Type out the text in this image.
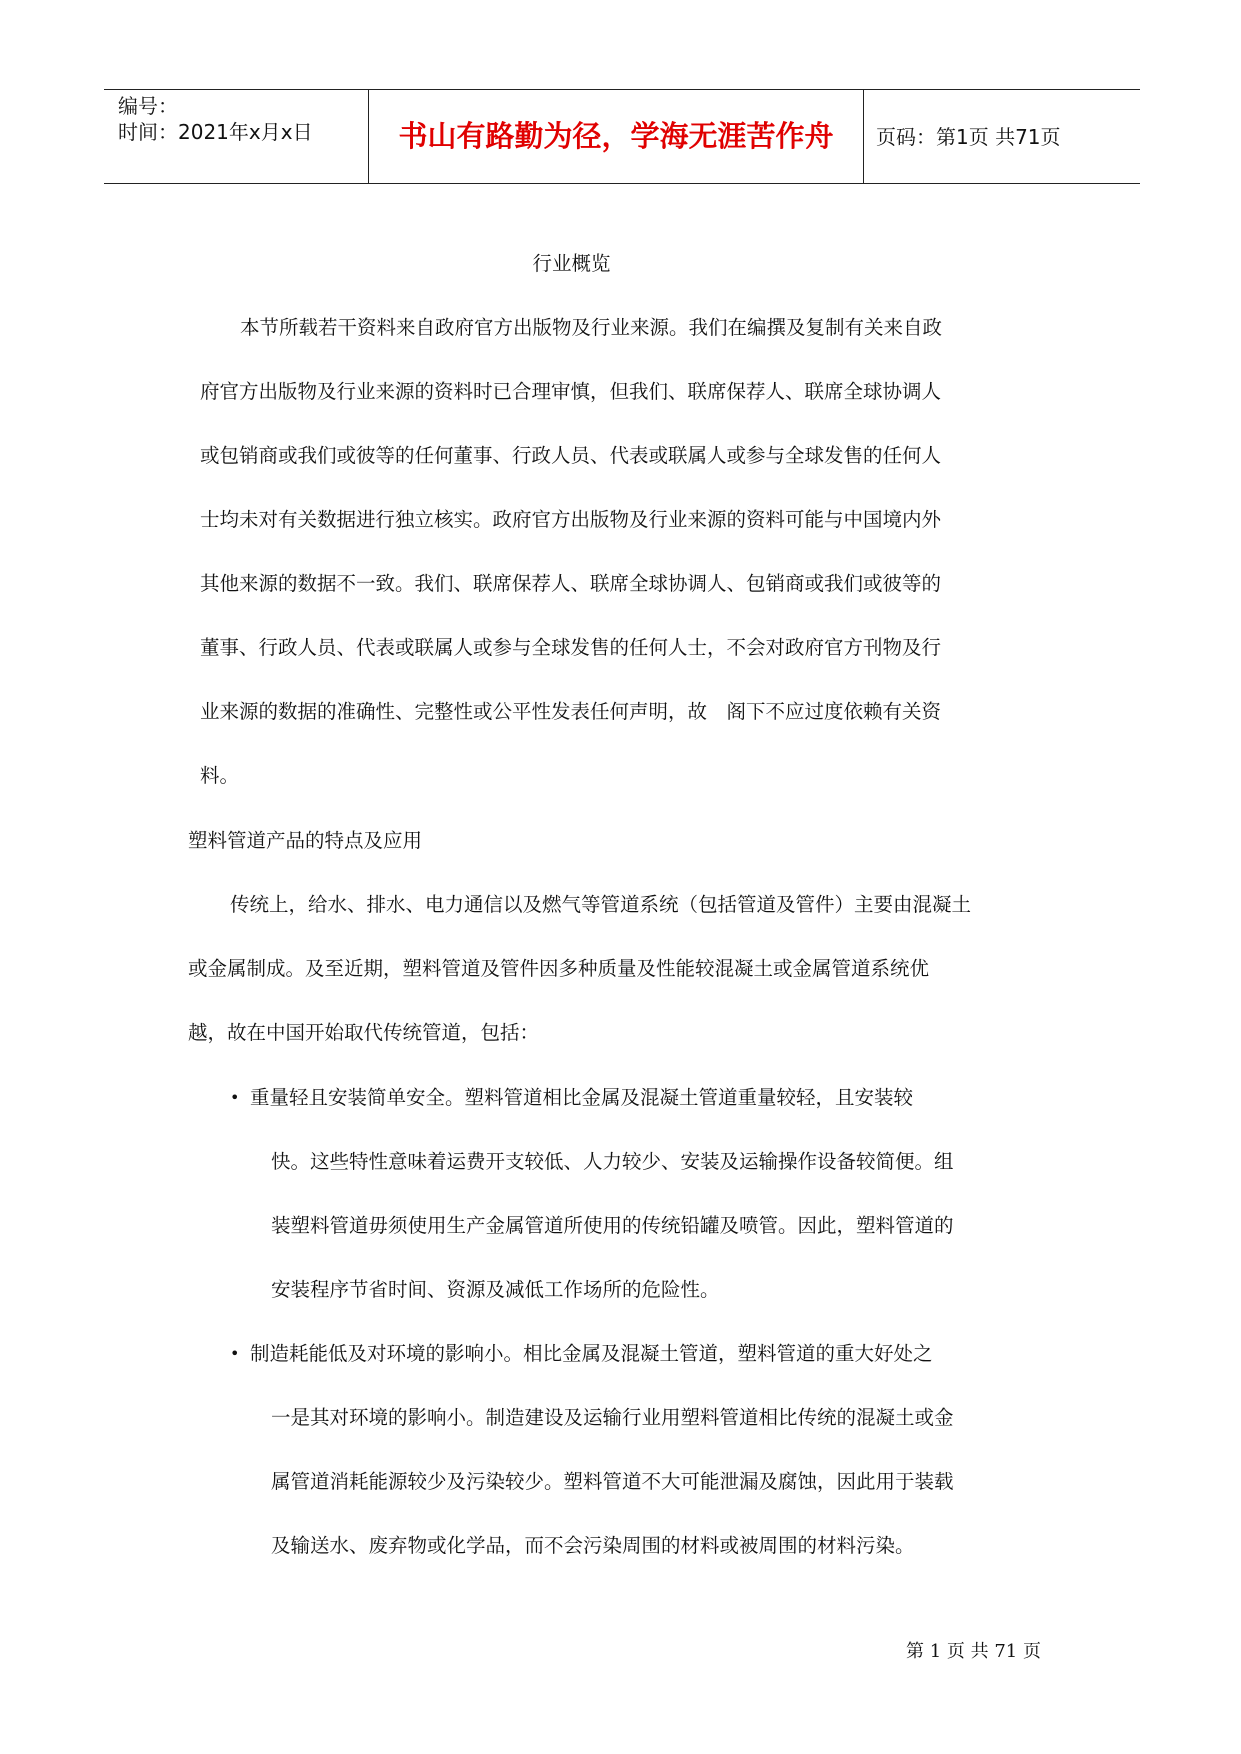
编号：
时间：2021年x月x日	书山有路勤为径，学海无涯苦作舟	页码：第1页 共71页
行业概览
本节所载若干资料来自政府官方出版物及行业来源。我们在编撰及复制有关来自政
府官方出版物及行业来源的资料时已合理审慎，但我们、联席保荐人、联席全球协调人
或包销商或我们或彼等的任何董事、行政人员、代表或联属人或参与全球发售的任何人
士均未对有关数据进行独立核实。政府官方出版物及行业来源的资料可能与中国境内外
其他来源的数据不一致。我们、联席保荐人、联席全球协调人、包销商或我们或彼等的
董事、行政人员、代表或联属人或参与全球发售的任何人士，不会对政府官方刊物及行
业来源的数据的准确性、完整性或公平性发表任何声明，故　阁下不应过度依赖有关资
料。
塑料管道产品的特点及应用
传统上，给水、排水、电力通信以及燃气等管道系统（包括管道及管件）主要由混凝土
或金属制成。及至近期，塑料管道及管件因多种质量及性能较混凝土或金属管道系统优
越，故在中国开始取代传统管道，包括：
• 重量轻且安装简单安全。塑料管道相比金属及混凝土管道重量较轻，且安装较
快。这些特性意味着运费开支较低、人力较少、安装及运输操作设备较简便。组
装塑料管道毋须使用生产金属管道所使用的传统铅罐及喷管。因此，塑料管道的
安装程序节省时间、资源及减低工作场所的危险性。
• 制造耗能低及对环境的影响小。相比金属及混凝土管道，塑料管道的重大好处之
一是其对环境的影响小。制造建设及运输行业用塑料管道相比传统的混凝土或金
属管道消耗能源较少及污染较少。塑料管道不大可能泄漏及腐蚀，因此用于装载
及输送水、废弃物或化学品，而不会污染周围的材料或被周围的材料污染。
第 1 页 共 71 页
